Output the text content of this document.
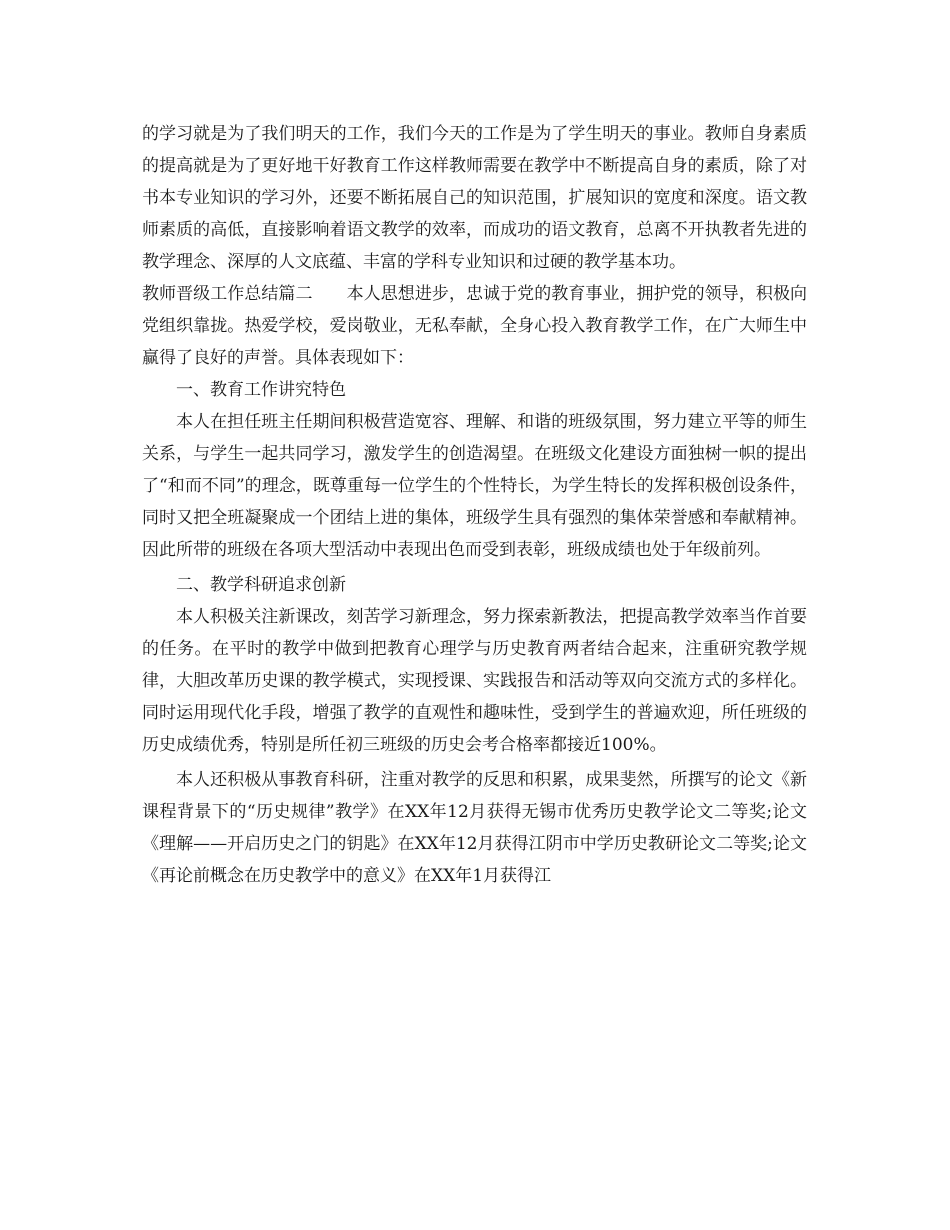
的学习就是为了我们明天的工作，我们今天的工作是为了学生明天的事业。教师自身素质的提高就是为了更好地干好教育工作这样教师需要在教学中不断提高自身的素质，除了对书本专业知识的学习外，还要不断拓展自己的知识范围，扩展知识的宽度和深度。语文教师素质的高低，直接影响着语文教学的效率，而成功的语文教育，总离不开执教者先进的教学理念、深厚的人文底蕴、丰富的学科专业知识和过硬的教学基本功。

教师晋级工作总结篇二　　本人思想进步，忠诚于党的教育事业，拥护党的领导，积极向党组织靠拢。热爱学校，爱岗敬业，无私奉献，全身心投入教育教学工作，在广大师生中赢得了良好的声誉。具体表现如下：

一、教育工作讲究特色

本人在担任班主任期间积极营造宽容、理解、和谐的班级氛围，努力建立平等的师生关系，与学生一起共同学习，激发学生的创造渴望。在班级文化建设方面独树一帜的提出了“和而不同”的理念，既尊重每一位学生的个性特长，为学生特长的发挥积极创设条件，同时又把全班凝聚成一个团结上进的集体，班级学生具有强烈的集体荣誉感和奉献精神。因此所带的班级在各项大型活动中表现出色而受到表彰，班级成绩也处于年级前列。

二、教学科研追求创新

本人积极关注新课改，刻苦学习新理念，努力探索新教法，把提高教学效率当作首要的任务。在平时的教学中做到把教育心理学与历史教育两者结合起来，注重研究教学规律，大胆改革历史课的教学模式，实现授课、实践报告和活动等双向交流方式的多样化。同时运用现代化手段，增强了教学的直观性和趣味性，受到学生的普遍欢迎，所任班级的历史成绩优秀，特别是所任初三班级的历史会考合格率都接近100%。

本人还积极从事教育科研，注重对教学的反思和积累，成果斐然，所撰写的论文《新课程背景下的“历史规律”教学》在XX年12月获得无锡市优秀历史教学论文二等奖;论文《理解——开启历史之门的钥匙》在XX年12月获得江阴市中学历史教研论文二等奖;论文《再论前概念在历史教学中的意义》在XX年1月获得江
